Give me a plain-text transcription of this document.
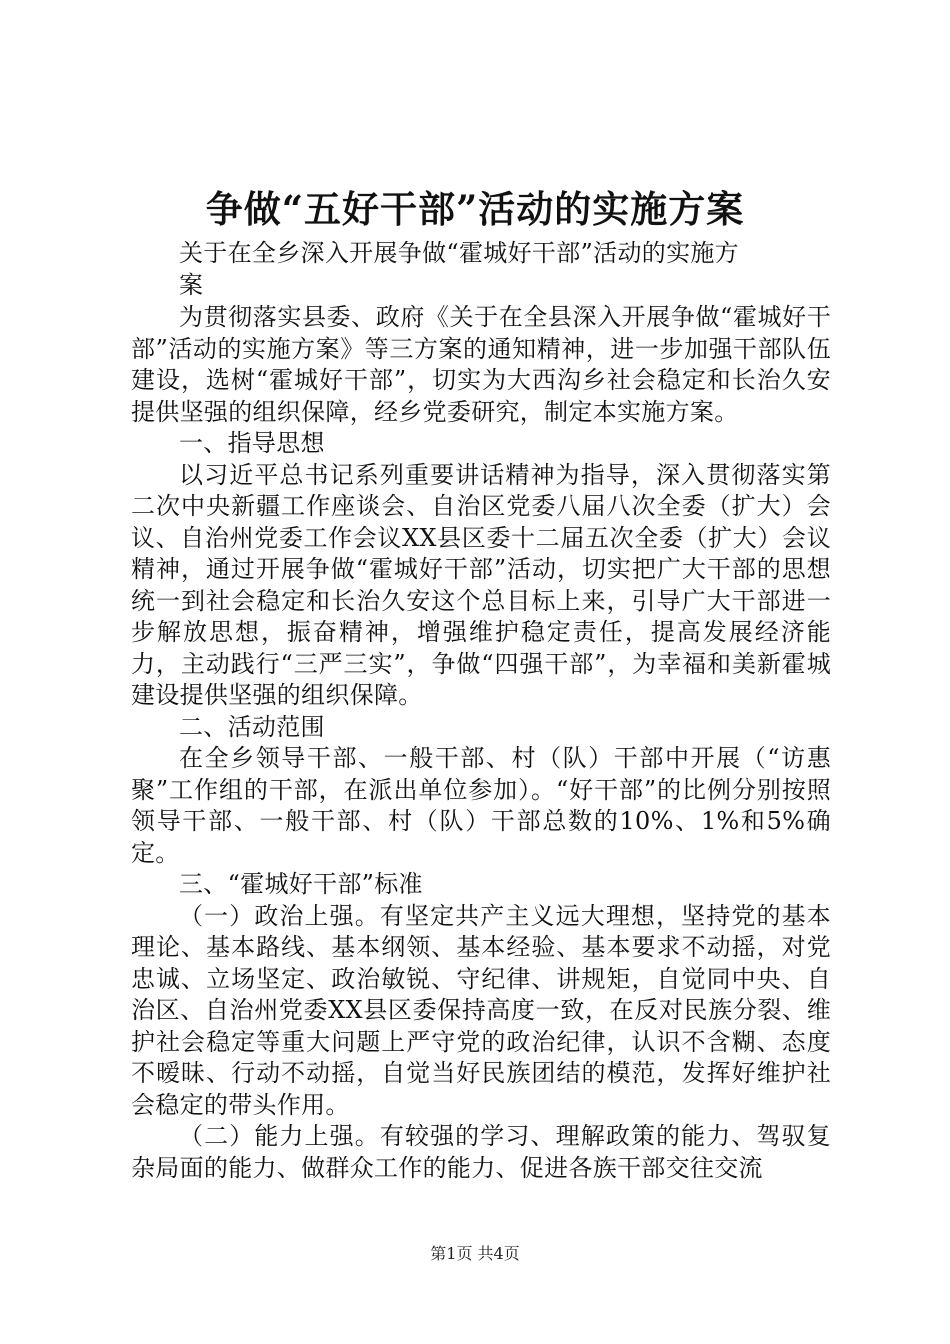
争做“五好干部”活动的实施方案

关于在全乡深入开展争做“霍城好干部”活动的实施方案

为贯彻落实县委、政府《关于在全县深入开展争做“霍城好干部”活动的实施方案》等三方案的通知精神，进一步加强干部队伍建设，选树“霍城好干部”，切实为大西沟乡社会稳定和长治久安提供坚强的组织保障，经乡党委研究，制定本实施方案。

一、指导思想

以习近平总书记系列重要讲话精神为指导，深入贯彻落实第二次中央新疆工作座谈会、自治区党委八届八次全委（扩大）会议、自治州党委工作会议XX县区委十二届五次全委（扩大）会议精神，通过开展争做“霍城好干部”活动，切实把广大干部的思想统一到社会稳定和长治久安这个总目标上来，引导广大干部进一步解放思想，振奋精神，增强维护稳定责任，提高发展经济能力，主动践行“三严三实”，争做“四强干部”，为幸福和美新霍城建设提供坚强的组织保障。

二、活动范围

在全乡领导干部、一般干部、村（队）干部中开展（“访惠聚”工作组的干部，在派出单位参加）。“好干部”的比例分别按照领导干部、一般干部、村（队）干部总数的10%、1%和5%确定。

三、“霍城好干部”标准

（一）政治上强。有坚定共产主义远大理想，坚持党的基本理论、基本路线、基本纲领、基本经验、基本要求不动摇，对党忠诚、立场坚定、政治敏锐、守纪律、讲规矩，自觉同中央、自治区、自治州党委XX县区委保持高度一致，在反对民族分裂、维护社会稳定等重大问题上严守党的政治纪律，认识不含糊、态度不暧昧、行动不动摇，自觉当好民族团结的模范，发挥好维护社会稳定的带头作用。

（二）能力上强。有较强的学习、理解政策的能力、驾驭复杂局面的能力、做群众工作的能力、促进各族干部交往交流

第1页 共4页
